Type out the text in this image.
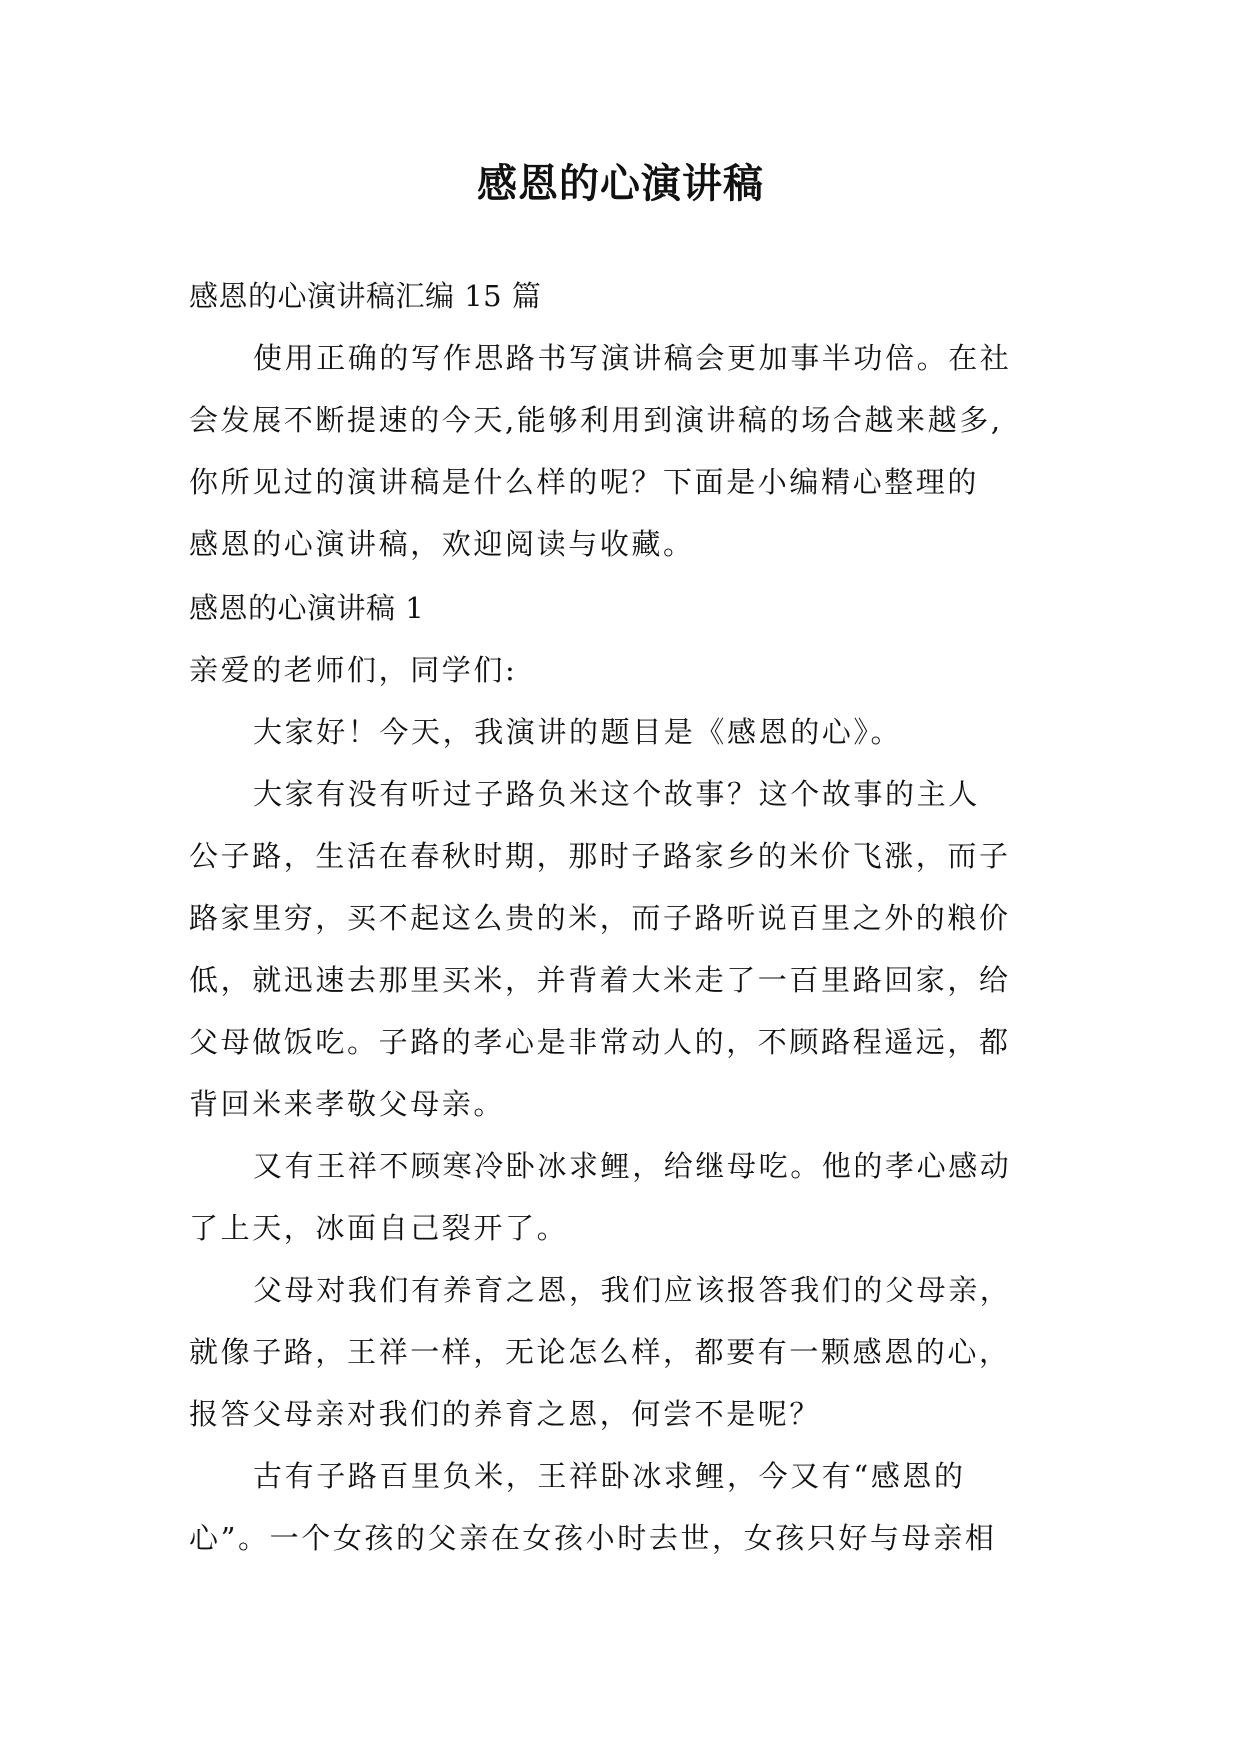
感恩的心演讲稿
感恩的心演讲稿汇编 15 篇
使用正确的写作思路书写演讲稿会更加事半功倍。在社
会发展不断提速的今天,能够利用到演讲稿的场合越来越多,
你所见过的演讲稿是什么样的呢？下面是小编精心整理的
感恩的心演讲稿，欢迎阅读与收藏。
感恩的心演讲稿 1
亲爱的老师们，同学们:
大家好！今天，我演讲的题目是《感恩的心》。
大家有没有听过子路负米这个故事？这个故事的主人
公子路，生活在春秋时期，那时子路家乡的米价飞涨，而子
路家里穷，买不起这么贵的米，而子路听说百里之外的粮价
低，就迅速去那里买米，并背着大米走了一百里路回家，给
父母做饭吃。子路的孝心是非常动人的，不顾路程遥远，都
背回米来孝敬父母亲。
又有王祥不顾寒冷卧冰求鲤，给继母吃。他的孝心感动
了上天，冰面自己裂开了。
父母对我们有养育之恩，我们应该报答我们的父母亲，
就像子路，王祥一样，无论怎么样，都要有一颗感恩的心，
报答父母亲对我们的养育之恩，何尝不是呢？
古有子路百里负米，王祥卧冰求鲤，今又有“感恩的
心”。一个女孩的父亲在女孩小时去世，女孩只好与母亲相
